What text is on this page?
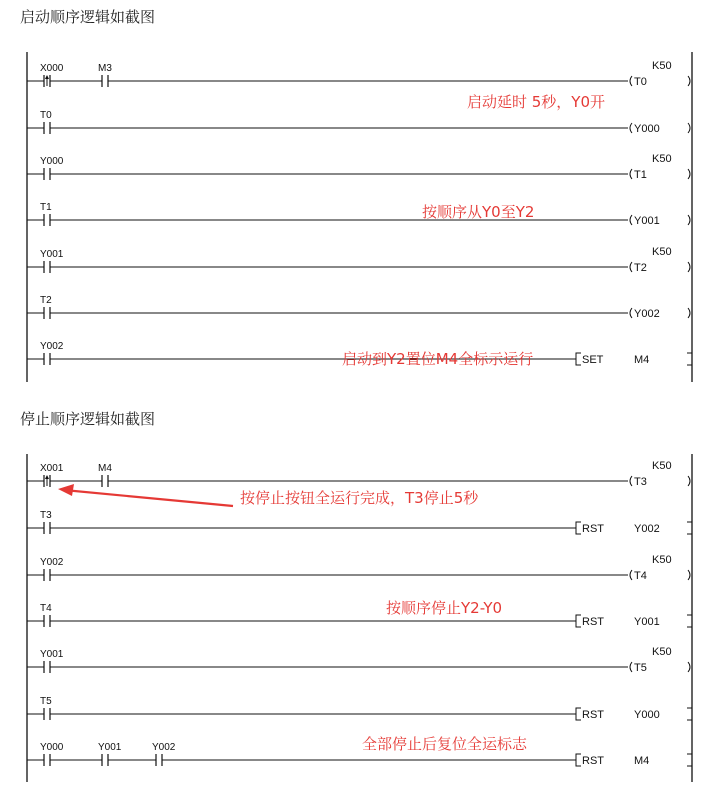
启动顺序逻辑如截图
停止顺序逻辑如截图
X000	M3
T0
K50
T0
Y000
Y000
T1
K50
T1
Y001
Y001
T2
K50
T2
Y002
Y002
SET	M4
X001	M4
T3
K50
T3
RST	Y002
Y002
T4
K50
T4
RST	Y001
Y001
T5
K50
T5
RST	Y000
Y000	Y001	Y002
RST	M4
启动延时 5秒，Y0开
按顺序从Y0至Y2
启动到Y2置位M4全标示运行
按停止按钮全运行完成，T3停止5秒
按顺序停止Y2-Y0
全部停止后复位全运标志
